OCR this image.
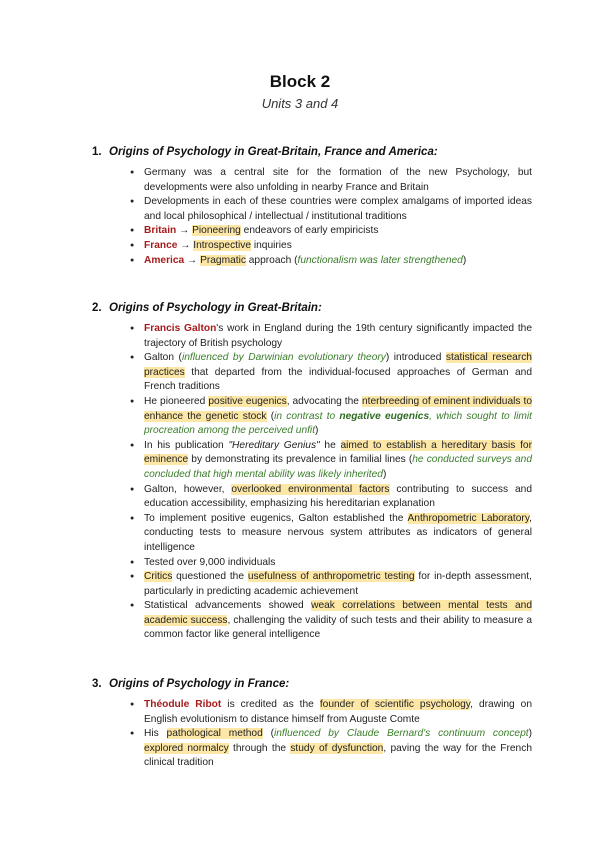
Block 2
Units 3 and 4

1. Origins of Psychology in Great-Britain, France and America:

● Germany was a central site for the formation of the new Psychology, but developments were also unfolding in nearby France and Britain
● Developments in each of these countries were complex amalgams of imported ideas and local philosophical / intellectual / institutional traditions
● Britain → Pioneering endeavors of early empiricists
● France → Introspective inquiries
● America → Pragmatic approach (functionalism was later strengthened)

2. Origins of Psychology in Great-Britain:

● Francis Galton's work in England during the 19th century significantly impacted the trajectory of British psychology
● Galton (influenced by Darwinian evolutionary theory) introduced statistical research practices that departed from the individual-focused approaches of German and French traditions
● He pioneered positive eugenics, advocating the nterbreeding of eminent individuals to enhance the genetic stock (in contrast to negative eugenics, which sought to limit procreation among the perceived unfit)
● In his publication "Hereditary Genius" he aimed to establish a hereditary basis for eminence by demonstrating its prevalence in familial lines (he conducted surveys and concluded that high mental ability was likely inherited)
● Galton, however, overlooked environmental factors contributing to success and education accessibility, emphasizing his hereditarian explanation
● To implement positive eugenics, Galton established the Anthropometric Laboratory, conducting tests to measure nervous system attributes as indicators of general intelligence
● Tested over 9,000 individuals
● Critics questioned the usefulness of anthropometric testing for in-depth assessment, particularly in predicting academic achievement
● Statistical advancements showed weak correlations between mental tests and academic success, challenging the validity of such tests and their ability to measure a common factor like general intelligence

3. Origins of Psychology in France:

● Théodule Ribot is credited as the founder of scientific psychology, drawing on English evolutionism to distance himself from Auguste Comte
● His pathological method (influenced by Claude Bernard's continuum concept) explored normalcy through the study of dysfunction, paving the way for the French clinical tradition
